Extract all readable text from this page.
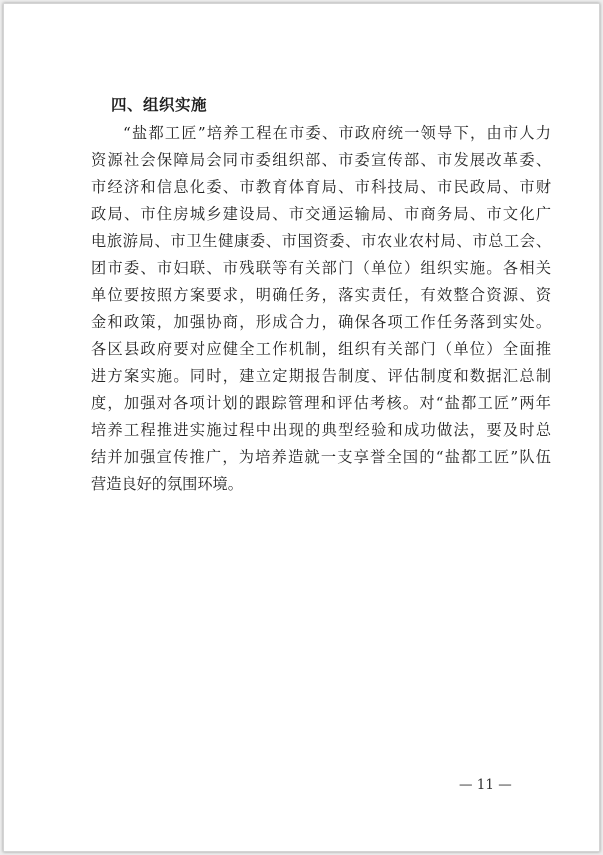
四、组织实施
“盐都工匠”培养工程在市委、市政府统一领导下，由市人力
资源社会保障局会同市委组织部、市委宣传部、市发展改革委、
市经济和信息化委、市教育体育局、市科技局、市民政局、市财
政局、市住房城乡建设局、市交通运输局、市商务局、市文化广
电旅游局、市卫生健康委、市国资委、市农业农村局、市总工会、
团市委、市妇联、市残联等有关部门（单位）组织实施。各相关
单位要按照方案要求，明确任务，落实责任，有效整合资源、资
金和政策，加强协商，形成合力，确保各项工作任务落到实处。
各区县政府要对应健全工作机制，组织有关部门（单位）全面推
进方案实施。同时，建立定期报告制度、评估制度和数据汇总制
度，加强对各项计划的跟踪管理和评估考核。对“盐都工匠”两年
培养工程推进实施过程中出现的典型经验和成功做法，要及时总
结并加强宣传推广，为培养造就一支享誉全国的“盐都工匠”队伍
营造良好的氛围环境。
— 11 —
